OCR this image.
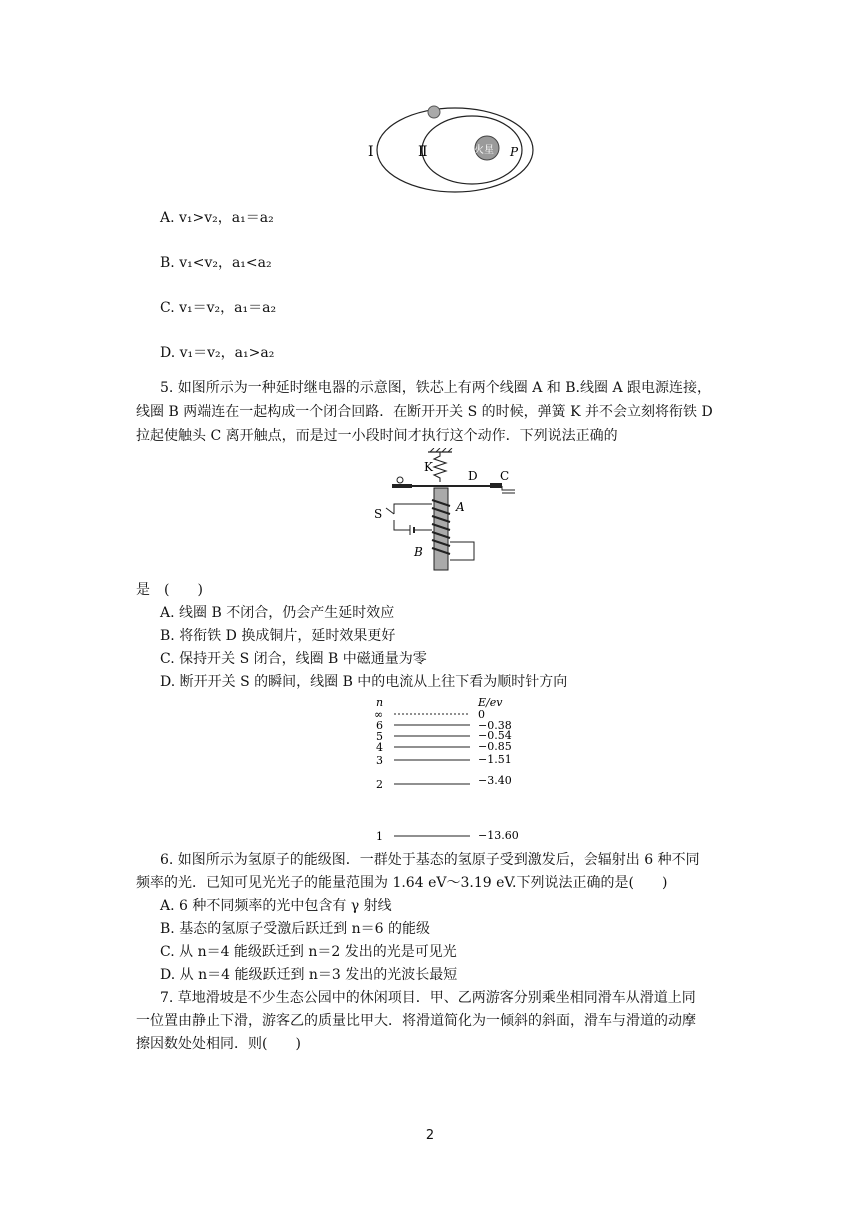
Ⅰ	Ⅱ	火星 P
A. v₁>v₂，a₁＝a₂
B. v₁<v₂，a₁<a₂
C. v₁＝v₂，a₁＝a₂
D. v₁＝v₂，a₁>a₂
5. 如图所示为一种延时继电器的示意图，铁芯上有两个线圈 A 和 B.线圈 A 跟电源连接，
线圈 B 两端连在一起构成一个闭合回路．在断开开关 S 的时候，弹簧 K 并不会立刻将衔铁 D
拉起使触头 C 离开触点，而是过一小段时间才执行这个动作．下列说法正确的
K
D C
A
S
B
是　(　　)
A. 线圈 B 不闭合，仍会产生延时效应
B. 将衔铁 D 换成铜片，延时效果更好
C. 保持开关 S 闭合，线圈 B 中磁通量为零
D. 断开开关 S 的瞬间，线圈 B 中的电流从上往下看为顺时针方向
n	E/ev
∞	0
6	−0.38
5	−0.54
4	−0.85
3	−1.51
2	−3.40
1	−13.60
6. 如图所示为氢原子的能级图．一群处于基态的氢原子受到激发后，会辐射出 6 种不同
频率的光．已知可见光光子的能量范围为 1.64 eV～3.19 eV.下列说法正确的是(　　)
A. 6 种不同频率的光中包含有 γ 射线
B. 基态的氢原子受激后跃迁到 n＝6 的能级
C. 从 n＝4 能级跃迁到 n＝2 发出的光是可见光
D. 从 n＝4 能级跃迁到 n＝3 发出的光波长最短
7. 草地滑坡是不少生态公园中的休闲项目．甲、乙两游客分别乘坐相同滑车从滑道上同
一位置由静止下滑，游客乙的质量比甲大．将滑道简化为一倾斜的斜面，滑车与滑道的动摩
擦因数处处相同．则(　　)
2
